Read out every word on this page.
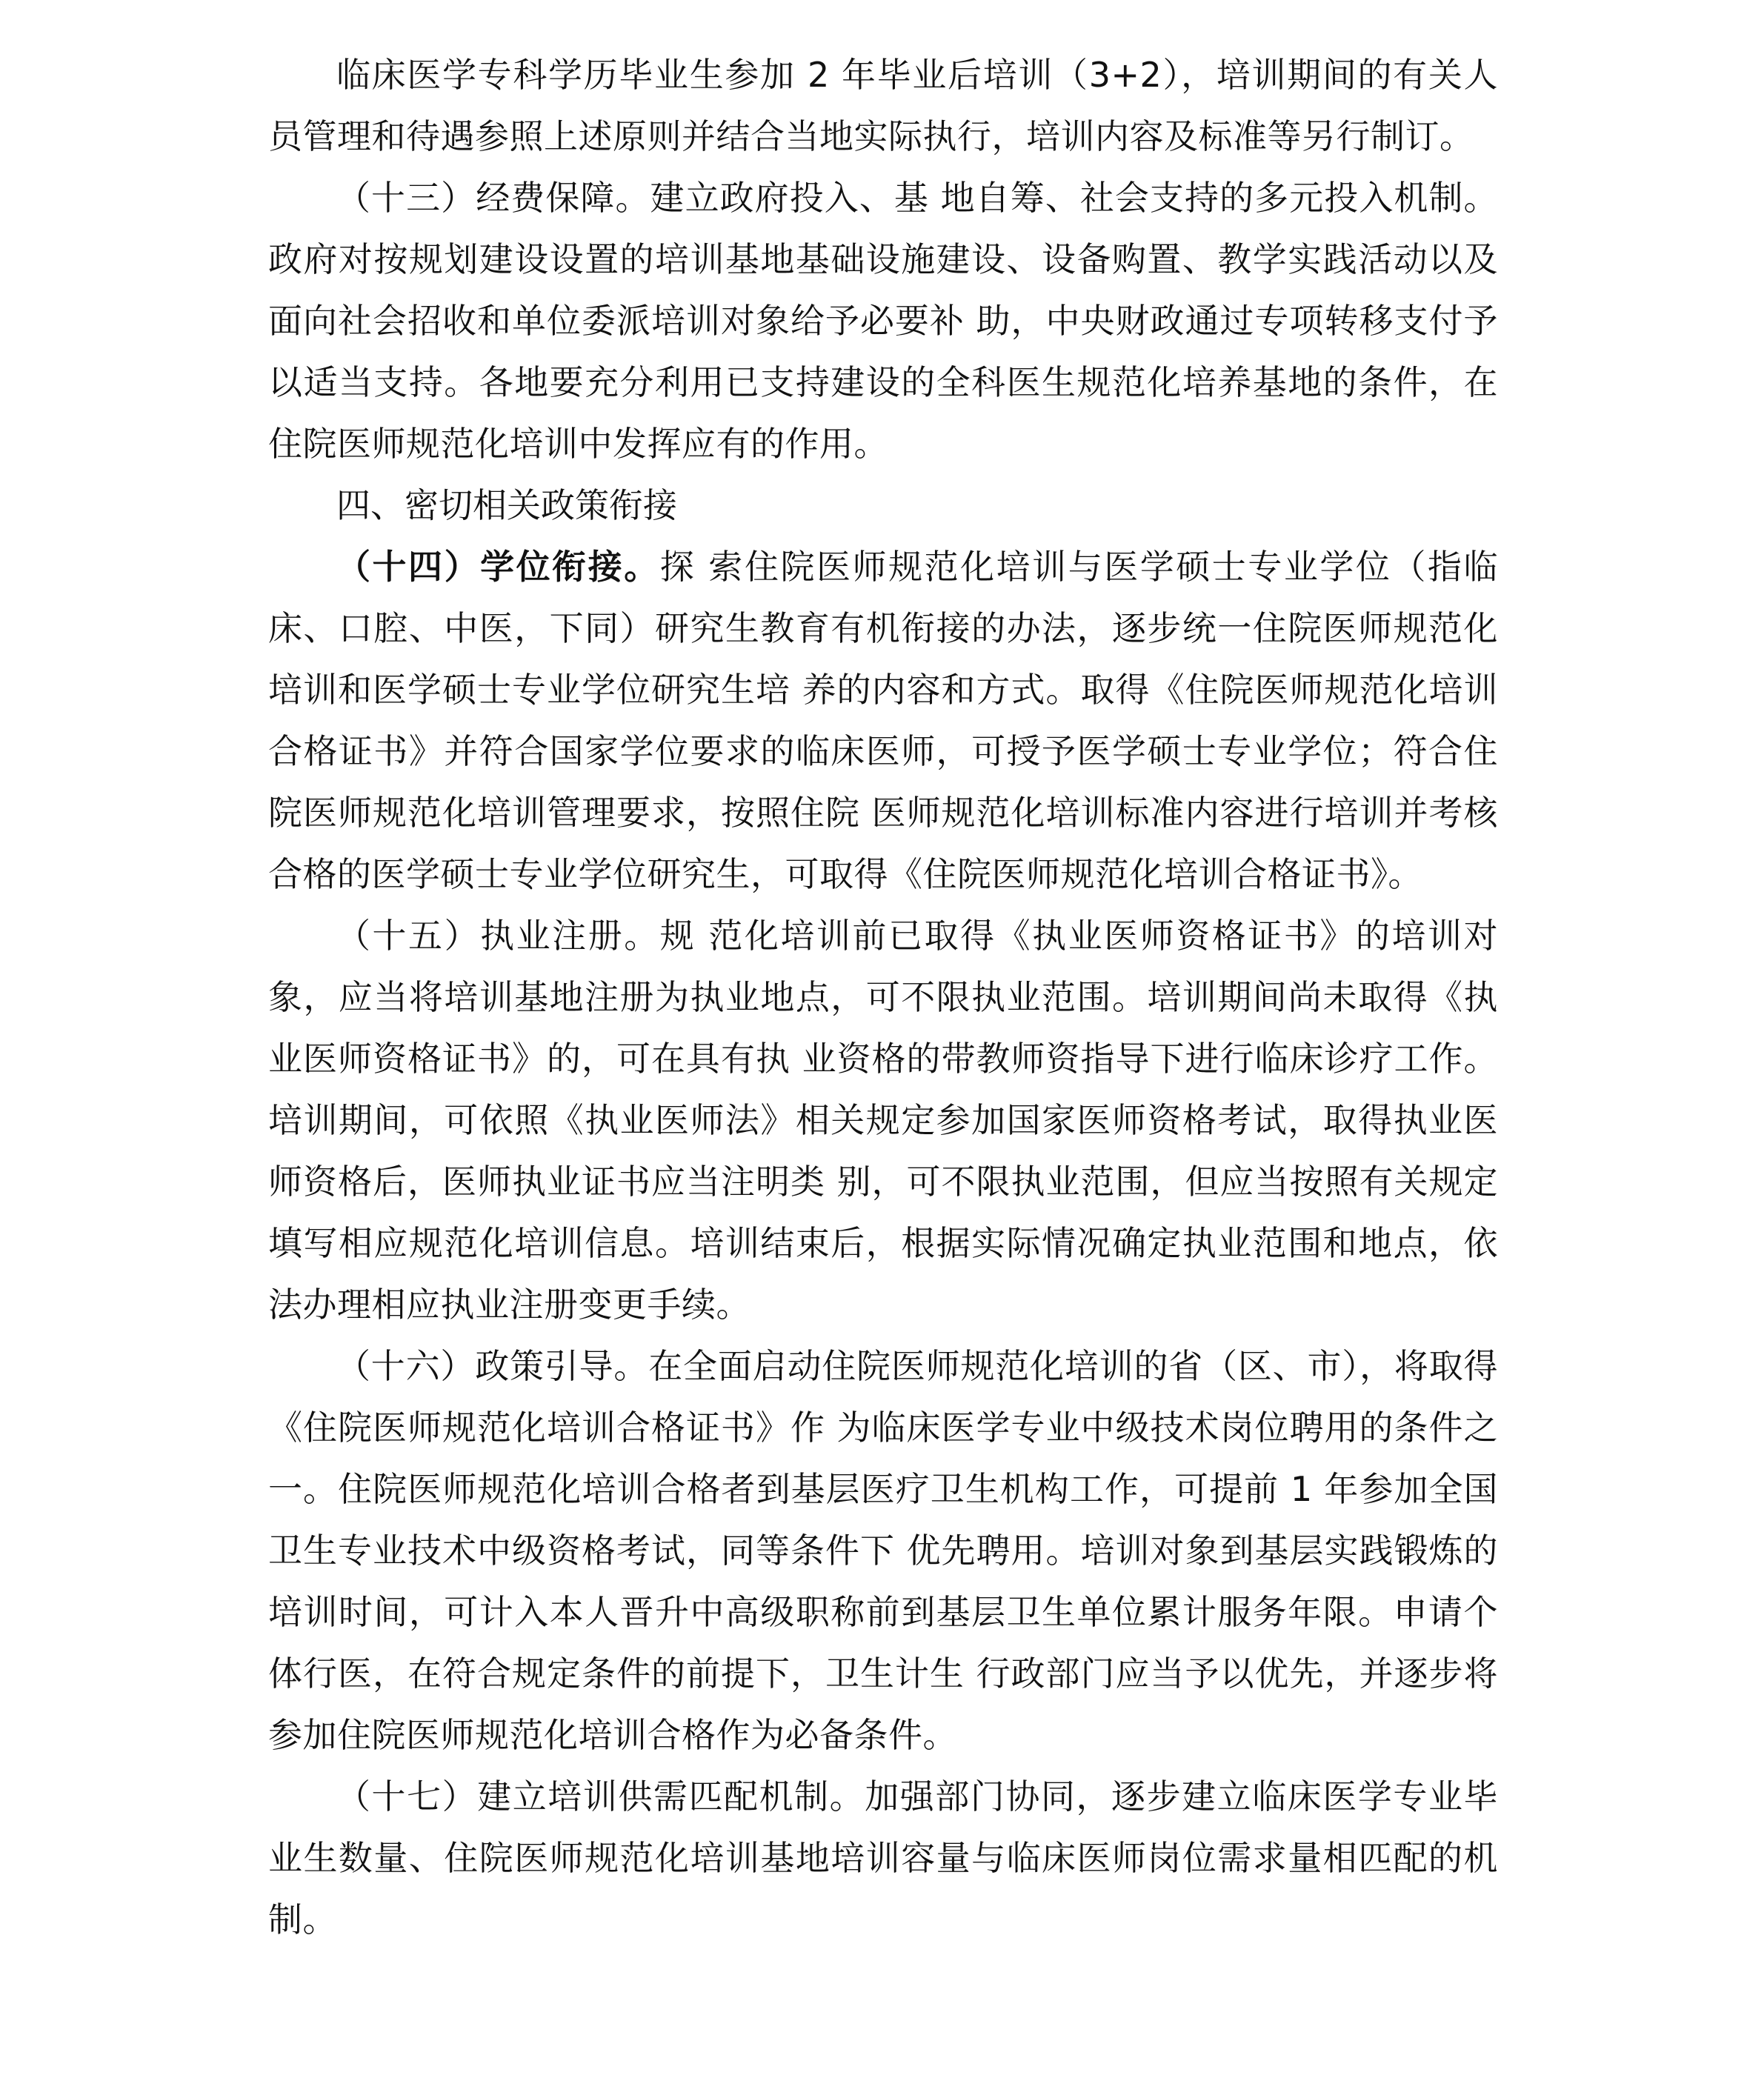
临床医学专科学历毕业生参加 2 年毕业后培训（3+2），培训期间的有关人员管理和待遇参照上述原则并结合当地实际执行，培训内容及标准等另行制订。

（十三）经费保障。建立政府投入、基 地自筹、社会支持的多元投入机制。政府对按规划建设设置的培训基地基础设施建设、设备购置、教学实践活动以及面向社会招收和单位委派培训对象给予必要补 助，中央财政通过专项转移支付予以适当支持。各地要充分利用已支持建设的全科医生规范化培养基地的条件，在住院医师规范化培训中发挥应有的作用。

四、密切相关政策衔接

（十四）学位衔接。探 索住院医师规范化培训与医学硕士专业学位（指临床、口腔、中医，下同）研究生教育有机衔接的办法，逐步统一住院医师规范化培训和医学硕士专业学位研究生培 养的内容和方式。取得《住院医师规范化培训合格证书》并符合国家学位要求的临床医师，可授予医学硕士专业学位；符合住院医师规范化培训管理要求，按照住院 医师规范化培训标准内容进行培训并考核合格的医学硕士专业学位研究生，可取得《住院医师规范化培训合格证书》。

（十五）执业注册。规 范化培训前已取得《执业医师资格证书》的培训对象，应当将培训基地注册为执业地点，可不限执业范围。培训期间尚未取得《执业医师资格证书》的，可在具有执 业资格的带教师资指导下进行临床诊疗工作。培训期间，可依照《执业医师法》相关规定参加国家医师资格考试，取得执业医师资格后，医师执业证书应当注明类 别，可不限执业范围，但应当按照有关规定填写相应规范化培训信息。培训结束后，根据实际情况确定执业范围和地点，依法办理相应执业注册变更手续。

（十六）政策引导。在全面启动住院医师规范化培训的省（区、市），将取得《住院医师规范化培训合格证书》作 为临床医学专业中级技术岗位聘用的条件之一。住院医师规范化培训合格者到基层医疗卫生机构工作，可提前 1 年参加全国卫生专业技术中级资格考试，同等条件下 优先聘用。培训对象到基层实践锻炼的培训时间，可计入本人晋升中高级职称前到基层卫生单位累计服务年限。申请个体行医，在符合规定条件的前提下，卫生计生 行政部门应当予以优先，并逐步将参加住院医师规范化培训合格作为必备条件。

（十七）建立培训供需匹配机制。加强部门协同，逐步建立临床医学专业毕业生数量、住院医师规范化培训基地培训容量与临床医师岗位需求量相匹配的机制。
